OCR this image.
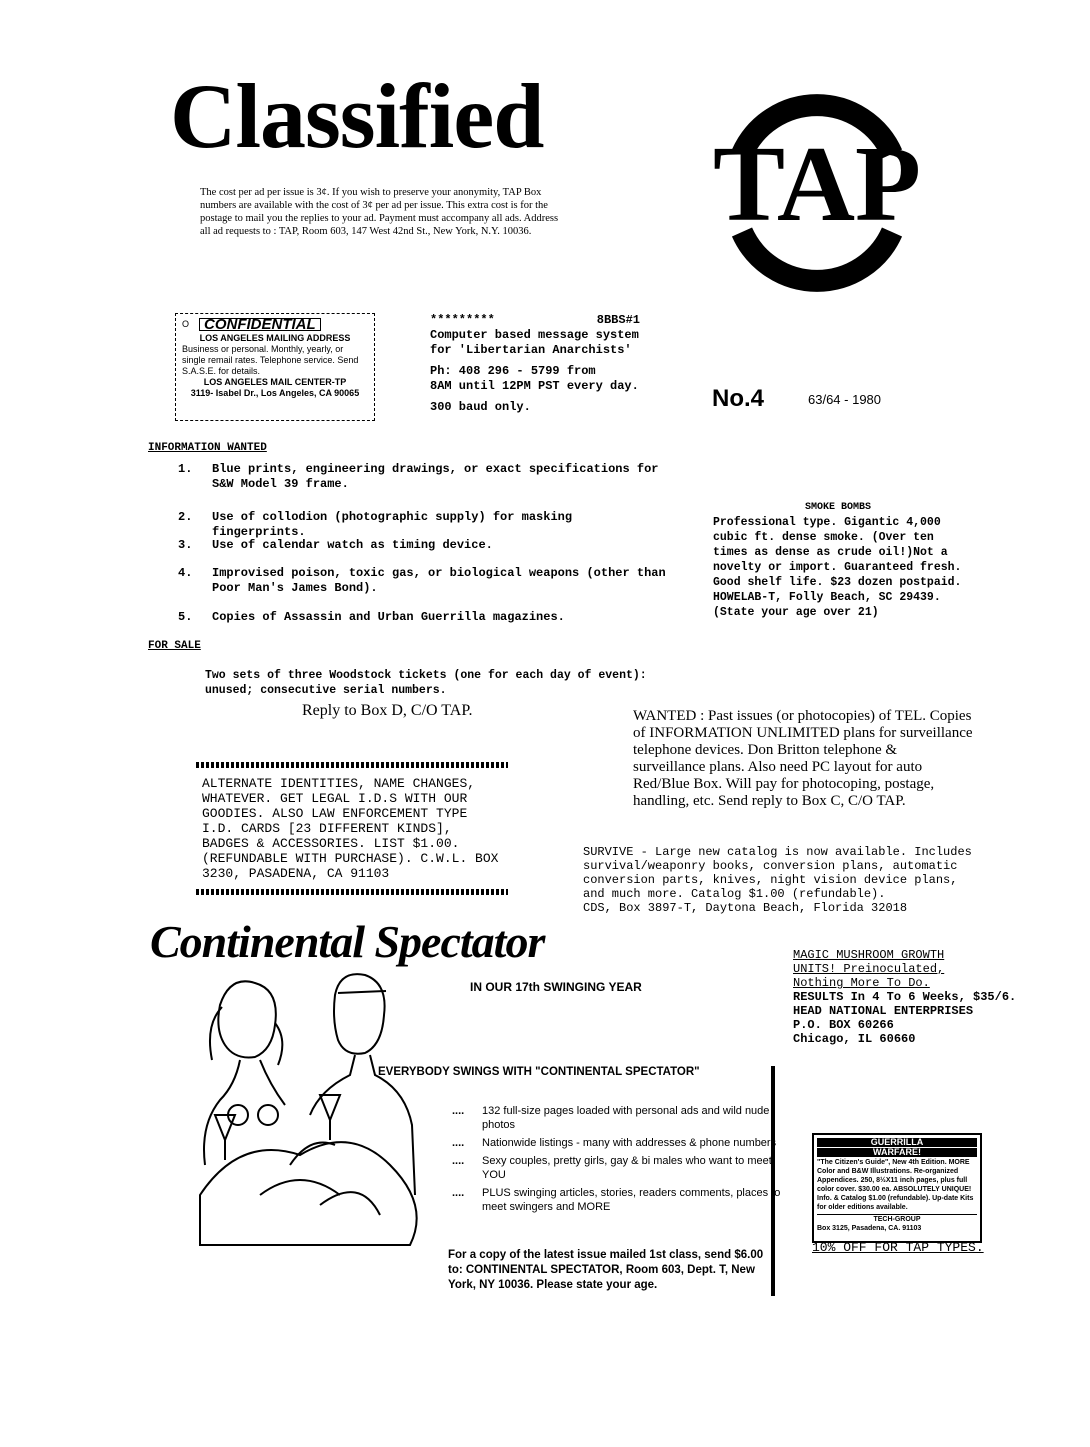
Classified

The cost per ad per issue is 3¢. If you wish to preserve your anonymity, TAP Box numbers are available with the cost of 3¢ per ad per issue. This extra cost is for the postage to mail you the replies to your ad. Payment must accompany all ads. Address all ad requests to : TAP, Room 603, 147 West 42nd St., New York, N.Y. 10036. TAP
O	CONFIDENTIAL
LOS ANGELES MAILING ADDRESS
Business or personal. Monthly, yearly, or single remail rates. Telephone service. Send S.A.S.E. for details.
LOS ANGELES MAIL CENTER-TP
3119- Isabel Dr., Los Angeles, CA 90065
*********	8BBS#1
Computer based message system
for 'Libertarian Anarchists'
Ph: 408 296 - 5799 from
8AM until 12PM PST every day.
300 baud only.	No.4	63/64 - 1980
INFORMATION WANTED
1.	Blue prints, engineering drawings, or exact specifications for S&W Model 39 frame.
2.	Use of collodion (photographic supply) for masking fingerprints.
3.	Use of calendar watch as timing device.
4.	Improvised poison, toxic gas, or biological weapons (other than Poor Man's James Bond).
5.	Copies of Assassin and Urban Guerrilla magazines.
SMOKE BOMBS
Professional type. Gigantic 4,000 cubic ft. dense smoke. (Over ten times as dense as crude oil!)Not a novelty or import. Guaranteed fresh. Good shelf life. $23 dozen postpaid. HOWELAB-T, Folly Beach, SC 29439. (State your age over 21)
FOR SALE
Two sets of three Woodstock tickets (one for each day of event): unused; consecutive serial numbers.
Reply to Box D, C/O TAP.
ALTERNATE IDENTITIES, NAME CHANGES, WHATEVER. GET LEGAL I.D.S WITH OUR GOODIES. ALSO LAW ENFORCEMENT TYPE I.D. CARDS [23 DIFFERENT KINDS], BADGES & ACCESSORIES. LIST $1.00. (REFUNDABLE WITH PURCHASE). C.W.L. BOX 3230, PASADENA, CA 91103
WANTED : Past issues (or photocopies) of TEL. Copies of INFORMATION UNLIMITED plans for surveillance telephone devices. Don Britton telephone & surveillance plans. Also need PC layout for auto Red/Blue Box. Will pay for photocoping, postage, handling, etc. Send reply to Box C, C/O TAP.
SURVIVE - Large new catalog is now available. Includes survival/weaponry books, conversion plans, automatic conversion parts, knives, night vision device plans, and much more. Catalog $1.00 (refundable).
CDS, Box 3897-T, Daytona Beach, Florida 32018
Continental Spectator
IN OUR 17th SWINGING YEAR
EVERYBODY SWINGS WITH "CONTINENTAL SPECTATOR"
....	132 full-size pages loaded with personal ads and wild nude photos
....	Nationwide listings - many with addresses & phone numbers
....	Sexy couples, pretty girls, gay & bi males who want to meet YOU
....	PLUS swinging articles, stories, readers comments, places to meet swingers and MORE
For a copy of the latest issue mailed 1st class, send $6.00 to: CONTINENTAL SPECTATOR, Room 603, Dept. T, New York, NY 10036. Please state your age.
MAGIC MUSHROOM GROWTH
UNITS! Preinoculated,
Nothing More To Do.
RESULTS In 4 To 6 Weeks, $35/6.
HEAD NATIONAL ENTERPRISES
P.O. BOX 60266
Chicago, IL 60660
GUERRILLA
WARFARE!
"The Citizen's Guide", New 4th Edition. MORE Color and B&W Illustrations. Re-organized Appendices. 250, 8½X11 inch pages, plus full color cover. $30.00 ea. ABSOLUTELY UNIQUE! Info. & Catalog $1.00 (refundable). Up-date Kits for older editions available.
TECH-GROUP
Box 3125, Pasadena, CA. 91103
10% OFF FOR TAP TYPES.
